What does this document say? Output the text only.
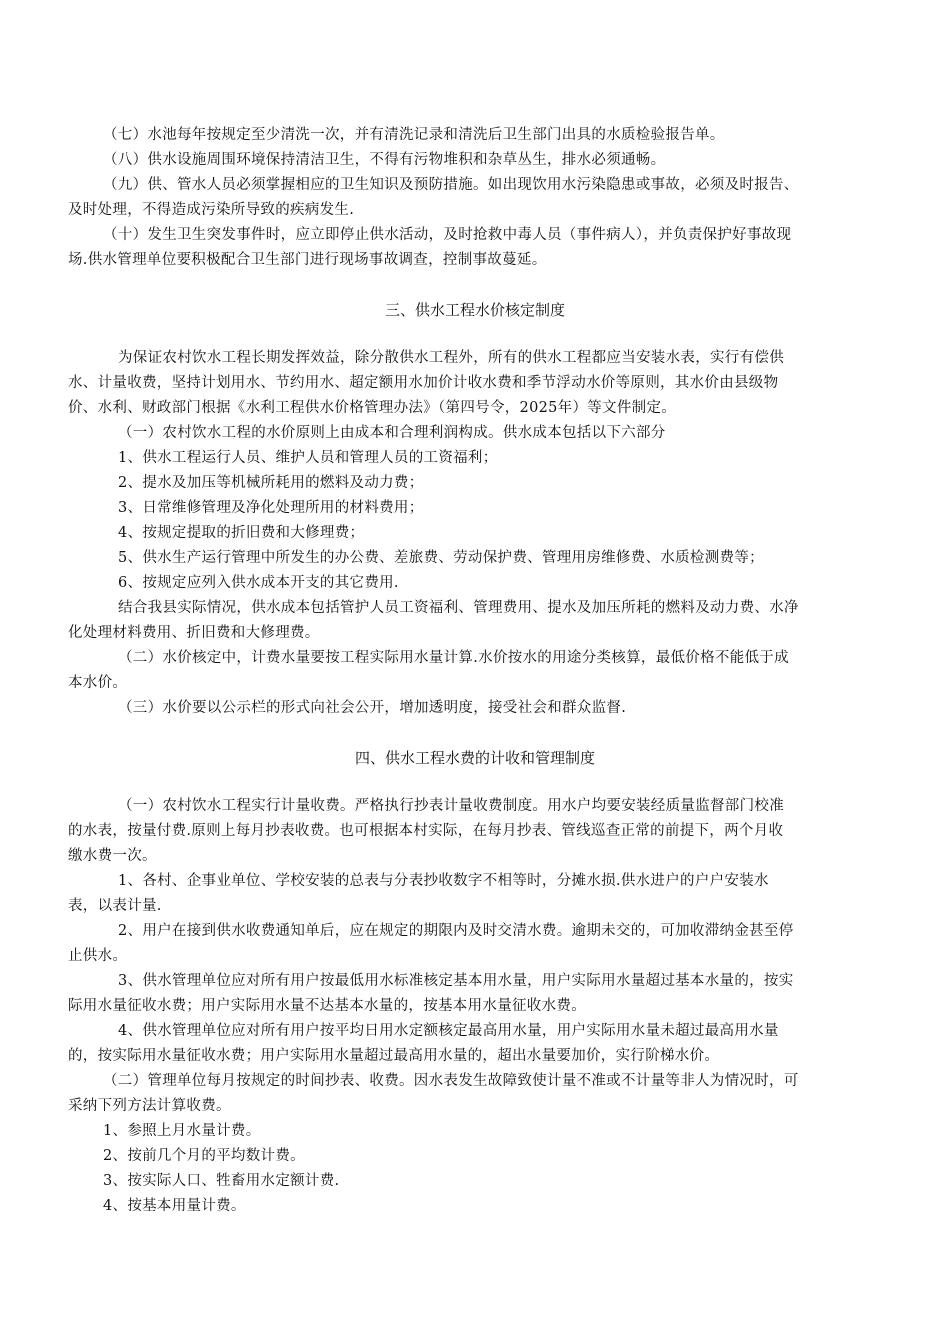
（七）水池每年按规定至少清洗一次，并有清洗记录和清洗后卫生部门出具的水质检验报告单。
（八）供水设施周围环境保持清洁卫生，不得有污物堆积和杂草丛生，排水必须通畅。
（九）供、管水人员必须掌握相应的卫生知识及预防措施。如出现饮用水污染隐患或事故，必须及时报告、
及时处理，不得造成污染所导致的疾病发生.
（十）发生卫生突发事件时，应立即停止供水活动，及时抢救中毒人员（事件病人），并负责保护好事故现
场.供水管理单位要积极配合卫生部门进行现场事故调查，控制事故蔓延。
三、供水工程水价核定制度
为保证农村饮水工程长期发挥效益，除分散供水工程外，所有的供水工程都应当安装水表，实行有偿供
水、计量收费，坚持计划用水、节约用水、超定额用水加价计收水费和季节浮动水价等原则，其水价由县级物
价、水利、财政部门根据《水利工程供水价格管理办法》（第四号令，2025年）等文件制定。
（一）农村饮水工程的水价原则上由成本和合理利润构成。供水成本包括以下六部分
1、供水工程运行人员、维护人员和管理人员的工资福利；
2、提水及加压等机械所耗用的燃料及动力费；
3、日常维修管理及净化处理所用的材料费用；
4、按规定提取的折旧费和大修理费；
5、供水生产运行管理中所发生的办公费、差旅费、劳动保护费、管理用房维修费、水质检测费等；
6、按规定应列入供水成本开支的其它费用.
结合我县实际情况，供水成本包括管护人员工资福利、管理费用、提水及加压所耗的燃料及动力费、水净
化处理材料费用、折旧费和大修理费。
（二）水价核定中，计费水量要按工程实际用水量计算.水价按水的用途分类核算，最低价格不能低于成
本水价。
（三）水价要以公示栏的形式向社会公开，增加透明度，接受社会和群众监督.
四、供水工程水费的计收和管理制度
（一）农村饮水工程实行计量收费。严格执行抄表计量收费制度。用水户均要安装经质量监督部门校准
的水表，按量付费.原则上每月抄表收费。也可根据本村实际，在每月抄表、管线巡查正常的前提下，两个月收
缴水费一次。
1、各村、企事业单位、学校安装的总表与分表抄收数字不相等时，分摊水损.供水进户的户户安装水
表，以表计量.
2、用户在接到供水收费通知单后，应在规定的期限内及时交清水费。逾期未交的，可加收滞纳金甚至停
止供水。
3、供水管理单位应对所有用户按最低用水标准核定基本用水量，用户实际用水量超过基本水量的，按实
际用水量征收水费；用户实际用水量不达基本水量的，按基本用水量征收水费。
4、供水管理单位应对所有用户按平均日用水定额核定最高用水量，用户实际用水量未超过最高用水量
的，按实际用水量征收水费；用户实际用水量超过最高用水量的，超出水量要加价，实行阶梯水价。
（二）管理单位每月按规定的时间抄表、收费。因水表发生故障致使计量不准或不计量等非人为情况时，可
采纳下列方法计算收费。
1、参照上月水量计费。
2、按前几个月的平均数计费。
3、按实际人口、牲畜用水定额计费.
4、按基本用量计费。
